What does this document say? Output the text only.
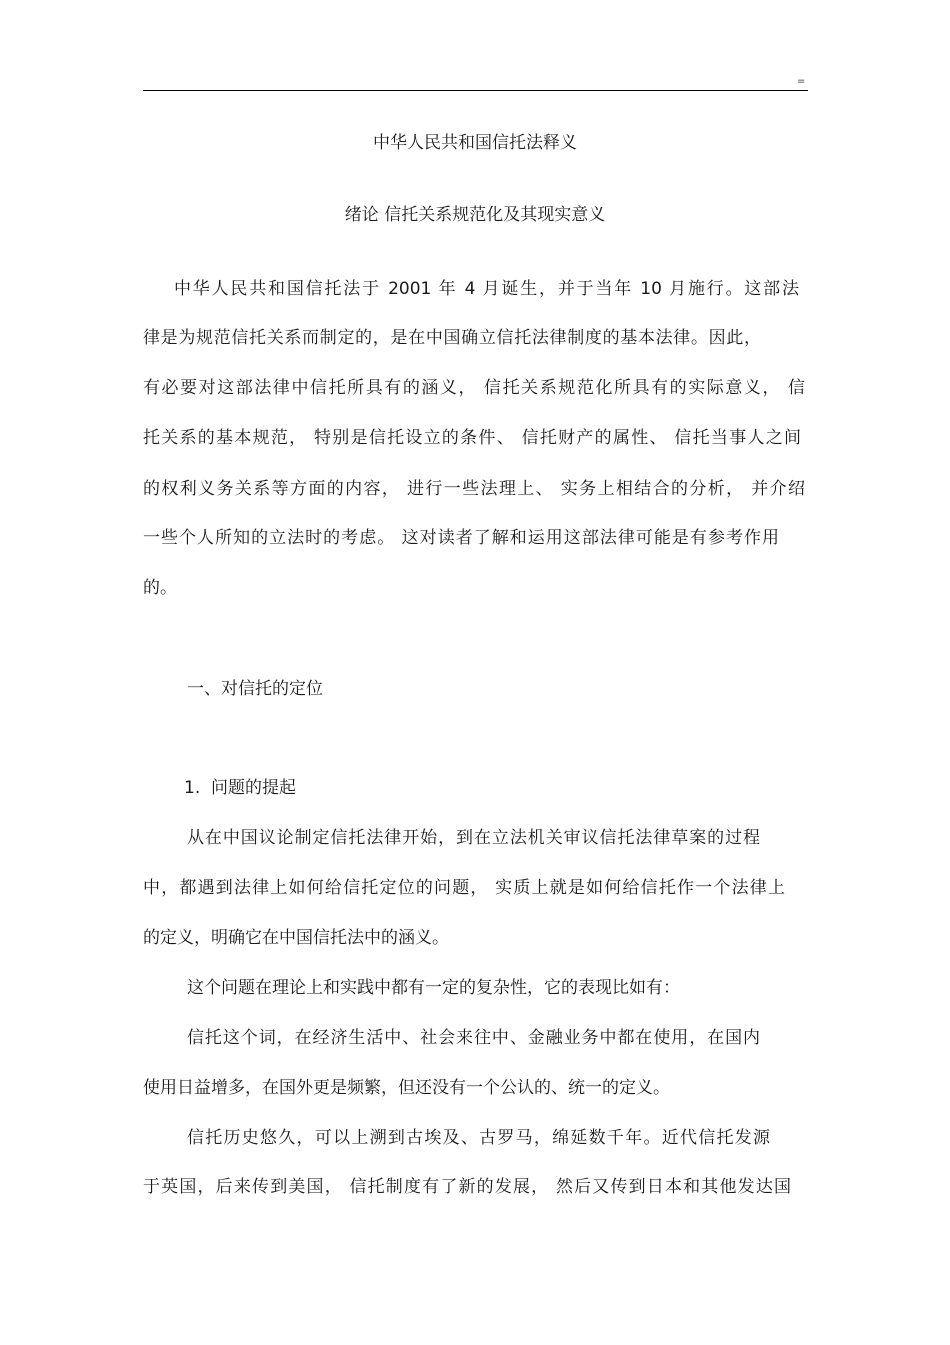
=

中华人民共和国信托法释义

绪论 信托关系规范化及其现实意义

中华人民共和国信托法于 2001 年 4 月诞生，并于当年 10 月施行。这部法

律是为规范信托关系而制定的，是在中国确立信托法律制度的基本法律。因此，

有必要对这部法律中信托所具有的涵义， 信托关系规范化所具有的实际意义， 信

托关系的基本规范， 特别是信托设立的条件、 信托财产的属性、 信托当事人之间

的权利义务关系等方面的内容， 进行一些法理上、 实务上相结合的分析， 并介绍

一些个人所知的立法时的考虑。 这对读者了解和运用这部法律可能是有参考作用

的。

一、对信托的定位

1.  问题的提起

从在中国议论制定信托法律开始，到在立法机关审议信托法律草案的过程

中，都遇到法律上如何给信托定位的问题， 实质上就是如何给信托作一个法律上

的定义，明确它在中国信托法中的涵义。

这个问题在理论上和实践中都有一定的复杂性，它的表现比如有：

信托这个词，在经济生活中、社会来往中、金融业务中都在使用，在国内

使用日益增多，在国外更是频繁，但还没有一个公认的、统一的定义。

信托历史悠久，可以上溯到古埃及、古罗马，绵延数千年。近代信托发源

于英国，后来传到美国， 信托制度有了新的发展， 然后又传到日本和其他发达国
